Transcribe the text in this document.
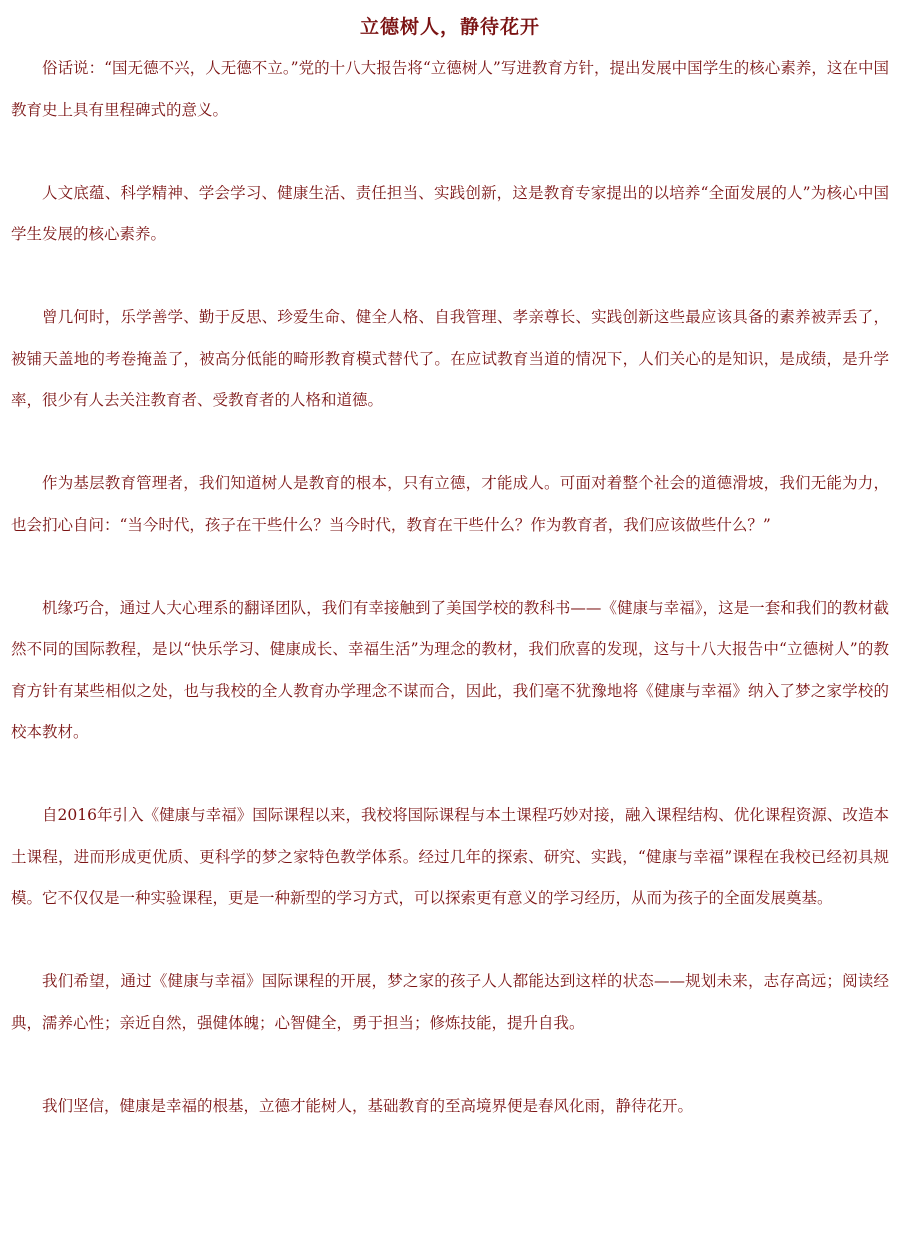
立德树人，静待花开

俗话说：“国无德不兴，人无德不立。”党的十八大报告将“立德树人”写进教育方针，提出发展中国学生的核心素养，这在中国教育史上具有里程碑式的意义。

人文底蕴、科学精神、学会学习、健康生活、责任担当、实践创新，这是教育专家提出的以培养“全面发展的人”为核心中国学生发展的核心素养。

曾几何时，乐学善学、勤于反思、珍爱生命、健全人格、自我管理、孝亲尊长、实践创新这些最应该具备的素养被弄丢了，被铺天盖地的考卷掩盖了，被高分低能的畸形教育模式替代了。在应试教育当道的情况下，人们关心的是知识，是成绩，是升学率，很少有人去关注教育者、受教育者的人格和道德。

作为基层教育管理者，我们知道树人是教育的根本，只有立德，才能成人。可面对着整个社会的道德滑坡，我们无能为力，也会扪心自问：“当今时代，孩子在干些什么？当今时代，教育在干些什么？作为教育者，我们应该做些什么？”

机缘巧合，通过人大心理系的翻译团队，我们有幸接触到了美国学校的教科书——《健康与幸福》，这是一套和我们的教材截然不同的国际教程，是以“快乐学习、健康成长、幸福生活”为理念的教材，我们欣喜的发现，这与十八大报告中“立德树人”的教育方针有某些相似之处，也与我校的全人教育办学理念不谋而合，因此，我们毫不犹豫地将《健康与幸福》纳入了梦之家学校的校本教材。

自2016年引入《健康与幸福》国际课程以来，我校将国际课程与本土课程巧妙对接，融入课程结构、优化课程资源、改造本土课程，进而形成更优质、更科学的梦之家特色教学体系。经过几年的探索、研究、实践，“健康与幸福”课程在我校已经初具规模。它不仅仅是一种实验课程，更是一种新型的学习方式，可以探索更有意义的学习经历，从而为孩子的全面发展奠基。

我们希望，通过《健康与幸福》国际课程的开展，梦之家的孩子人人都能达到这样的状态——规划未来，志存高远；阅读经典，濡养心性；亲近自然，强健体魄；心智健全，勇于担当；修炼技能，提升自我。

我们坚信，健康是幸福的根基，立德才能树人，基础教育的至高境界便是春风化雨，静待花开。
